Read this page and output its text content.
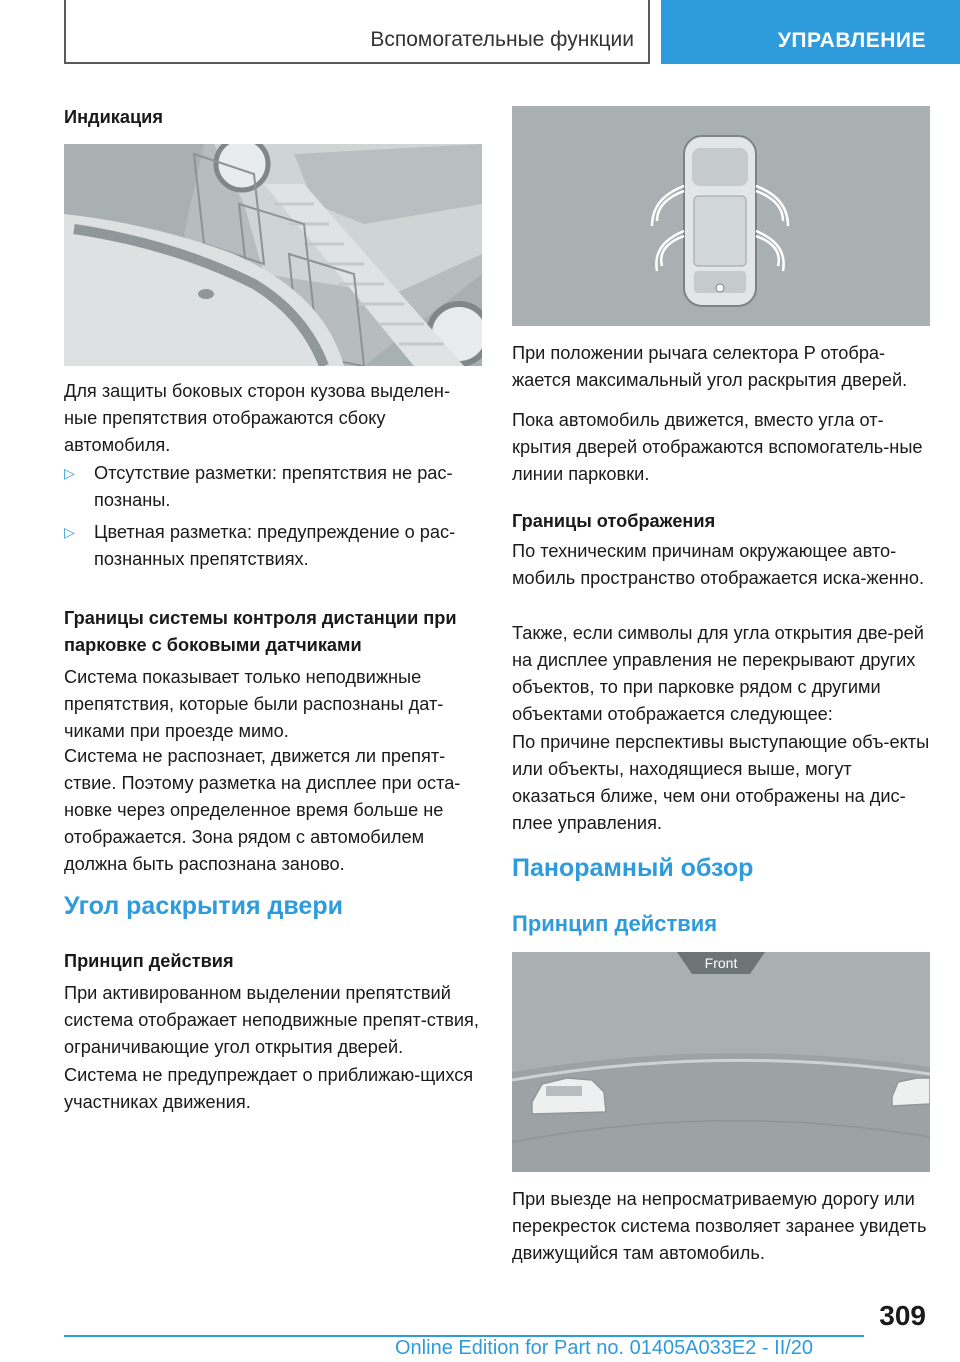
Вспомогательные функции	УПРАВЛЕНИЕ
Индикация
Для защиты боковых сторон кузова выделен-ные препятствия отображаются сбоку автомобиля.
▷ Отсутствие разметки: препятствия не рас-познаны.
▷ Цветная разметка: предупреждение о рас-познанных препятствиях.
Границы системы контроля дистанции при парковке с боковыми датчиками
Система показывает только неподвижные препятствия, которые были распознаны дат-чиками при проезде мимо.
Система не распознает, движется ли препят-ствие. Поэтому разметка на дисплее при оста-новке через определенное время больше не отображается. Зона рядом с автомобилем должна быть распознана заново.
Угол раскрытия двери
Принцип действия
При активированном выделении препятствий система отображает неподвижные препят-ствия, ограничивающие угол открытия дверей.
Система не предупреждает о приближаю-щихся участниках движения.
При положении рычага селектора P отобра-жается максимальный угол раскрытия дверей.
Пока автомобиль движется, вместо угла от-крытия дверей отображаются вспомогатель-ные линии парковки.
Границы отображения
По техническим причинам окружающее авто-мобиль пространство отображается иска-женно.
Также, если символы для угла открытия две-рей на дисплее управления не перекрывают других объектов, то при парковке рядом с другими объектами отображается следующее:
По причине перспективы выступающие объ-екты или объекты, находящиеся выше, могут оказаться ближе, чем они отображены на дис-плее управления.
Панорамный обзор
Принцип действия
Front
При выезде на непросматриваемую дорогу или перекресток система позволяет заранее увидеть движущийся там автомобиль.
309
Online Edition for Part no. 01405A033E2 - II/20
